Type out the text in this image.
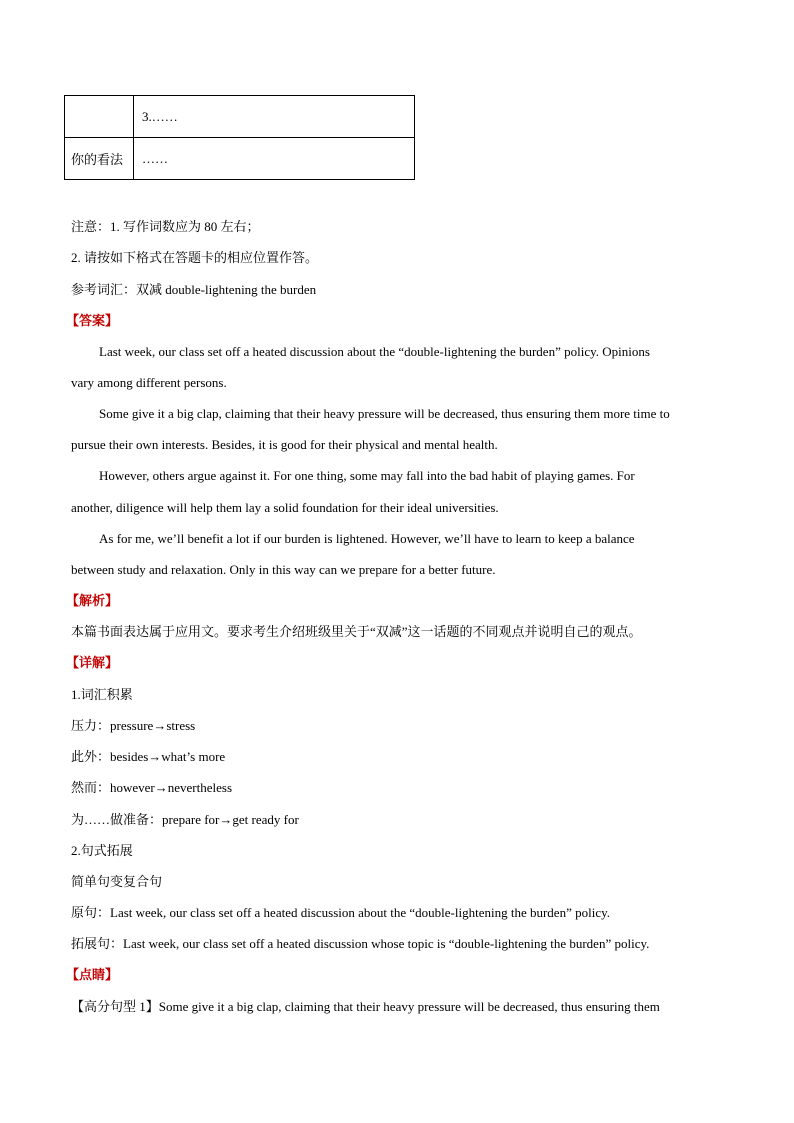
	3.……
你的看法	……
注意：1. 写作词数应为 80 左右；
2. 请按如下格式在答题卡的相应位置作答。
参考词汇：双减 double-lightening the burden
【答案】
Last week, our class set off a heated discussion about the “double-lightening the burden” policy. Opinions
vary among different persons.
Some give it a big clap, claiming that their heavy pressure will be decreased, thus ensuring them more time to
pursue their own interests. Besides, it is good for their physical and mental health.
However, others argue against it. For one thing, some may fall into the bad habit of playing games. For
another, diligence will help them lay a solid foundation for their ideal universities.
As for me, we’ll benefit a lot if our burden is lightened. However, we’ll have to learn to keep a balance
between study and relaxation. Only in this way can we prepare for a better future.
【解析】
本篇书面表达属于应用文。要求考生介绍班级里关于“双减”这一话题的不同观点并说明自己的观点。
【详解】
1.词汇积累
压力：pressure→stress
此外：besides→what’s more
然而：however→nevertheless
为……做准备：prepare for→get ready for
2.句式拓展
简单句变复合句
原句：Last week, our class set off a heated discussion about the “double-lightening the burden” policy.
拓展句：Last week, our class set off a heated discussion whose topic is “double-lightening the burden” policy.
【点睛】
【高分句型 1】Some give it a big clap, claiming that their heavy pressure will be decreased, thus ensuring them
